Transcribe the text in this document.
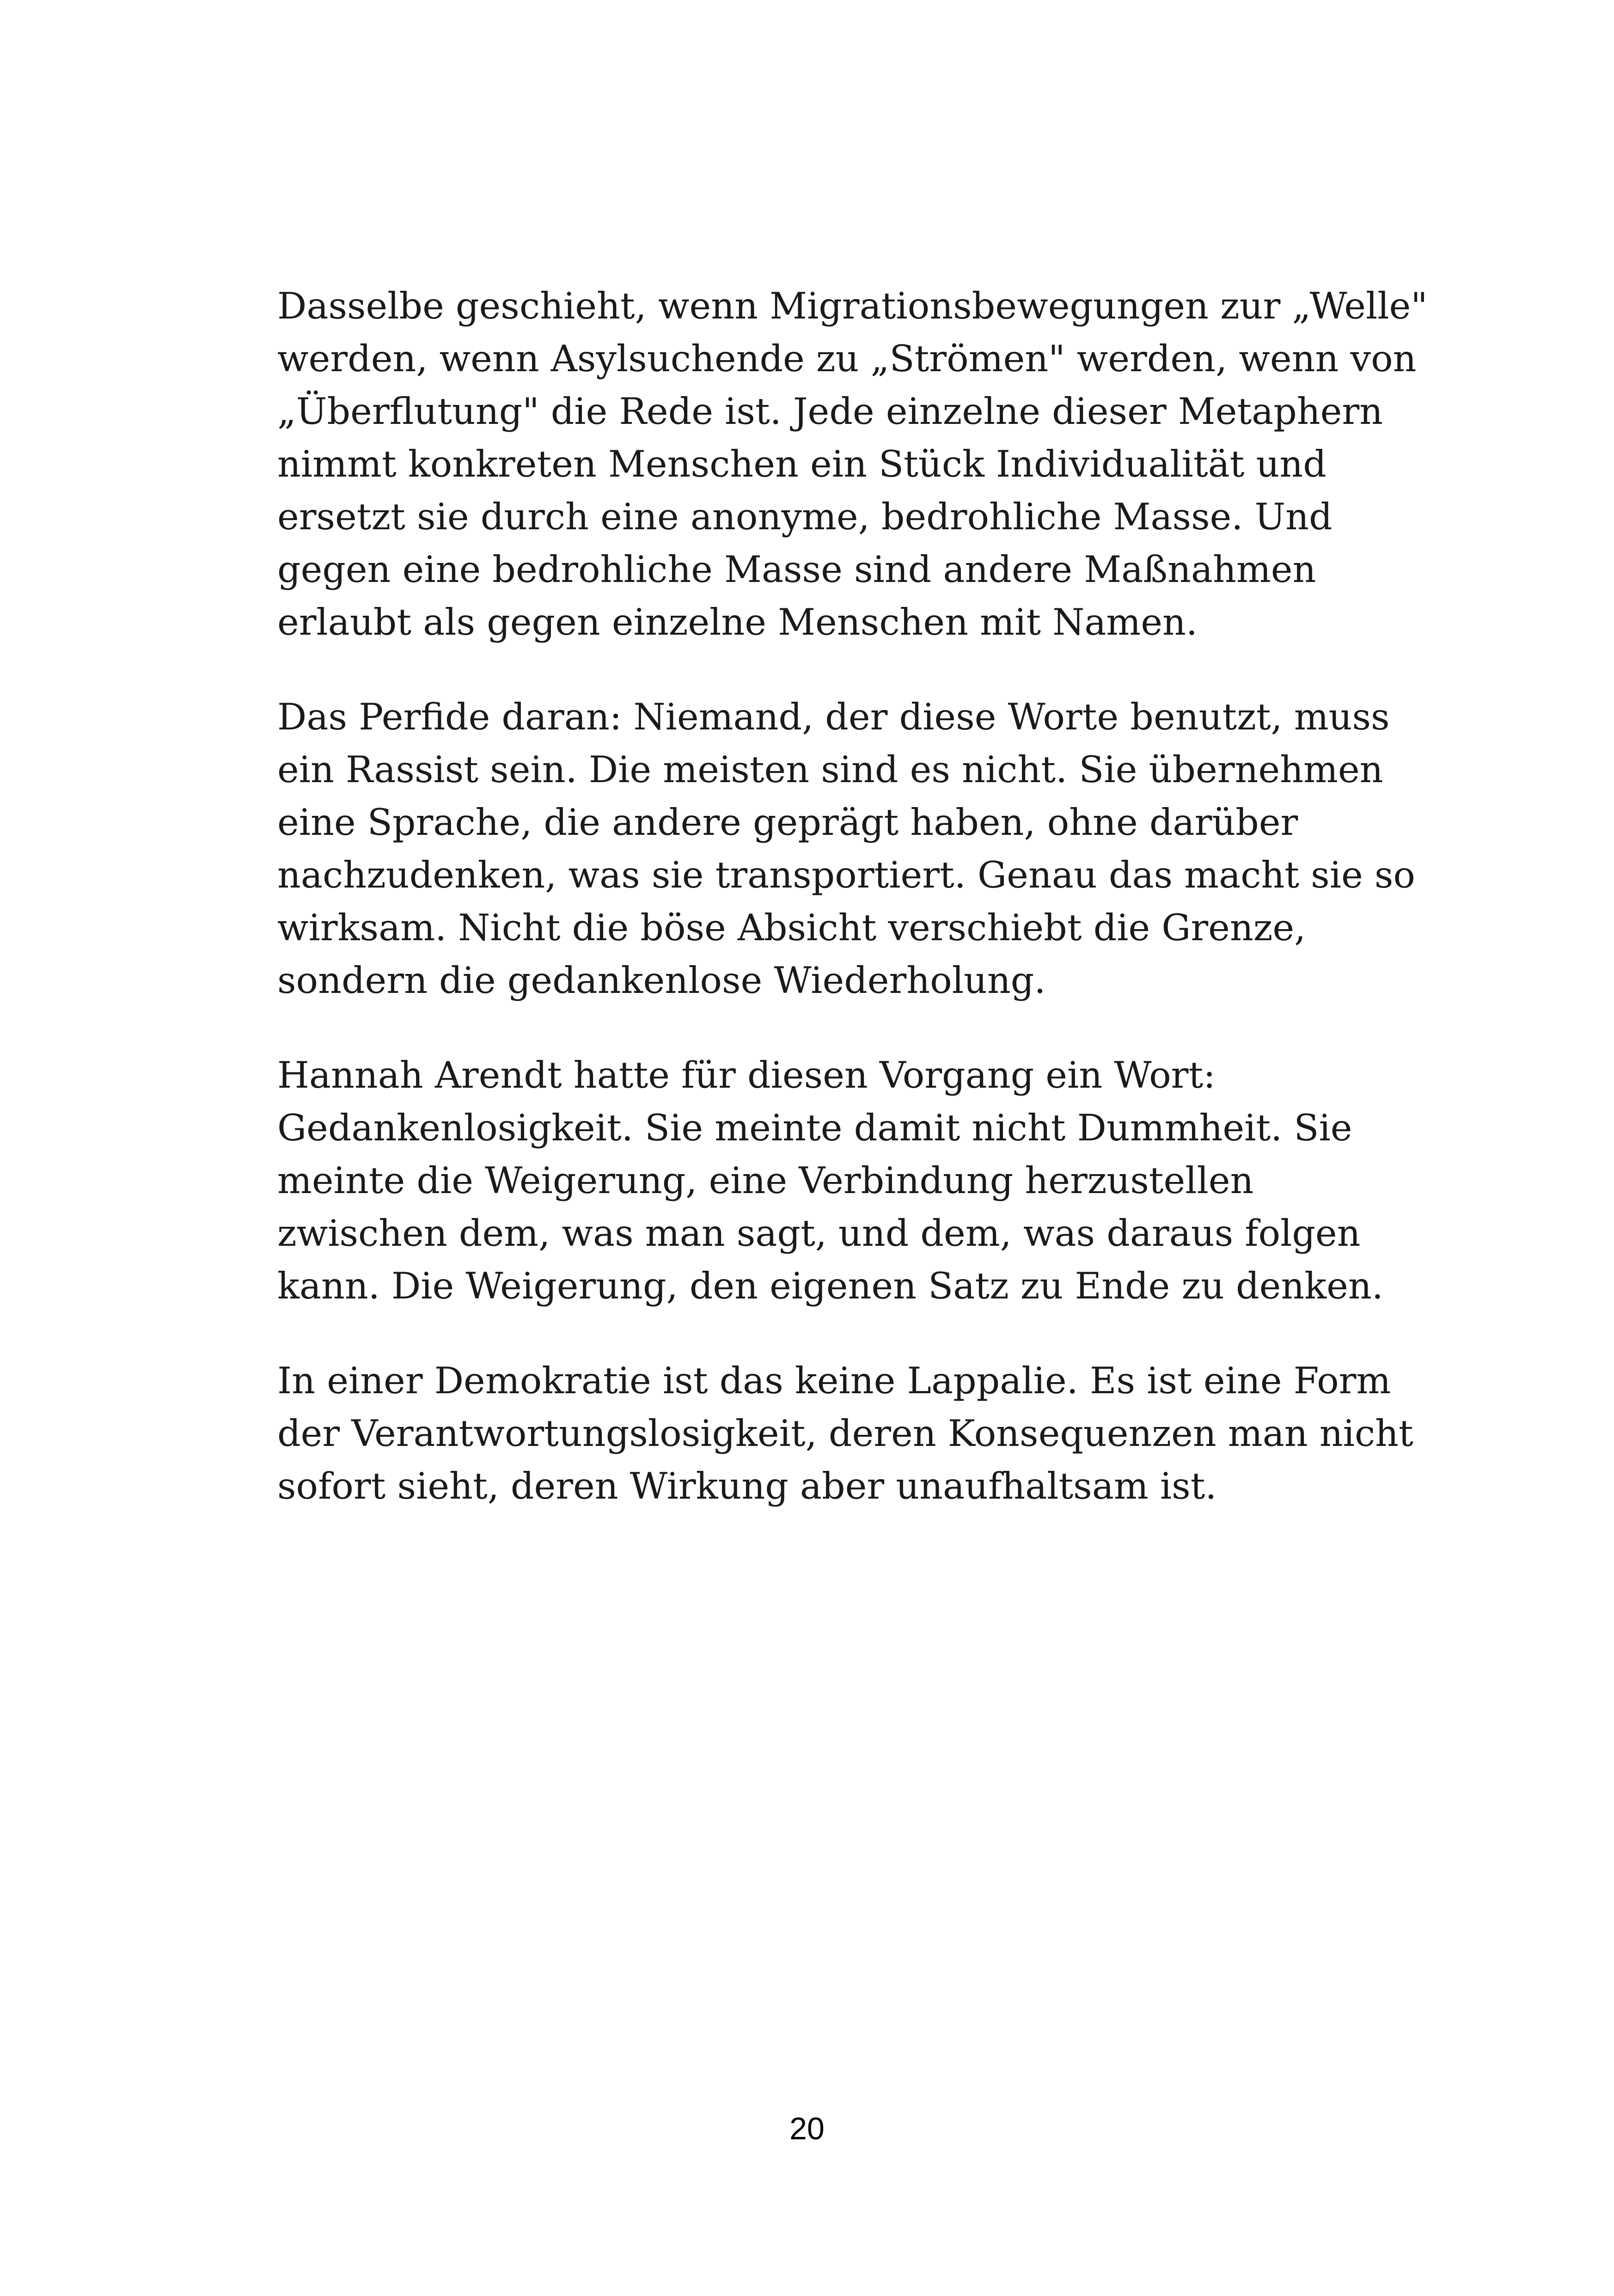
Dasselbe geschieht, wenn Migrationsbewegungen zur „Welle"
werden, wenn Asylsuchende zu „Strömen" werden, wenn von
„Überflutung" die Rede ist. Jede einzelne dieser Metaphern
nimmt konkreten Menschen ein Stück Individualität und
ersetzt sie durch eine anonyme, bedrohliche Masse. Und
gegen eine bedrohliche Masse sind andere Maßnahmen
erlaubt als gegen einzelne Menschen mit Namen.

Das Perfide daran: Niemand, der diese Worte benutzt, muss
ein Rassist sein. Die meisten sind es nicht. Sie übernehmen
eine Sprache, die andere geprägt haben, ohne darüber
nachzudenken, was sie transportiert. Genau das macht sie so
wirksam. Nicht die böse Absicht verschiebt die Grenze,
sondern die gedankenlose Wiederholung.

Hannah Arendt hatte für diesen Vorgang ein Wort:
Gedankenlosigkeit. Sie meinte damit nicht Dummheit. Sie
meinte die Weigerung, eine Verbindung herzustellen
zwischen dem, was man sagt, und dem, was daraus folgen
kann. Die Weigerung, den eigenen Satz zu Ende zu denken.

In einer Demokratie ist das keine Lappalie. Es ist eine Form
der Verantwortungslosigkeit, deren Konsequenzen man nicht
sofort sieht, deren Wirkung aber unaufhaltsam ist.

20
